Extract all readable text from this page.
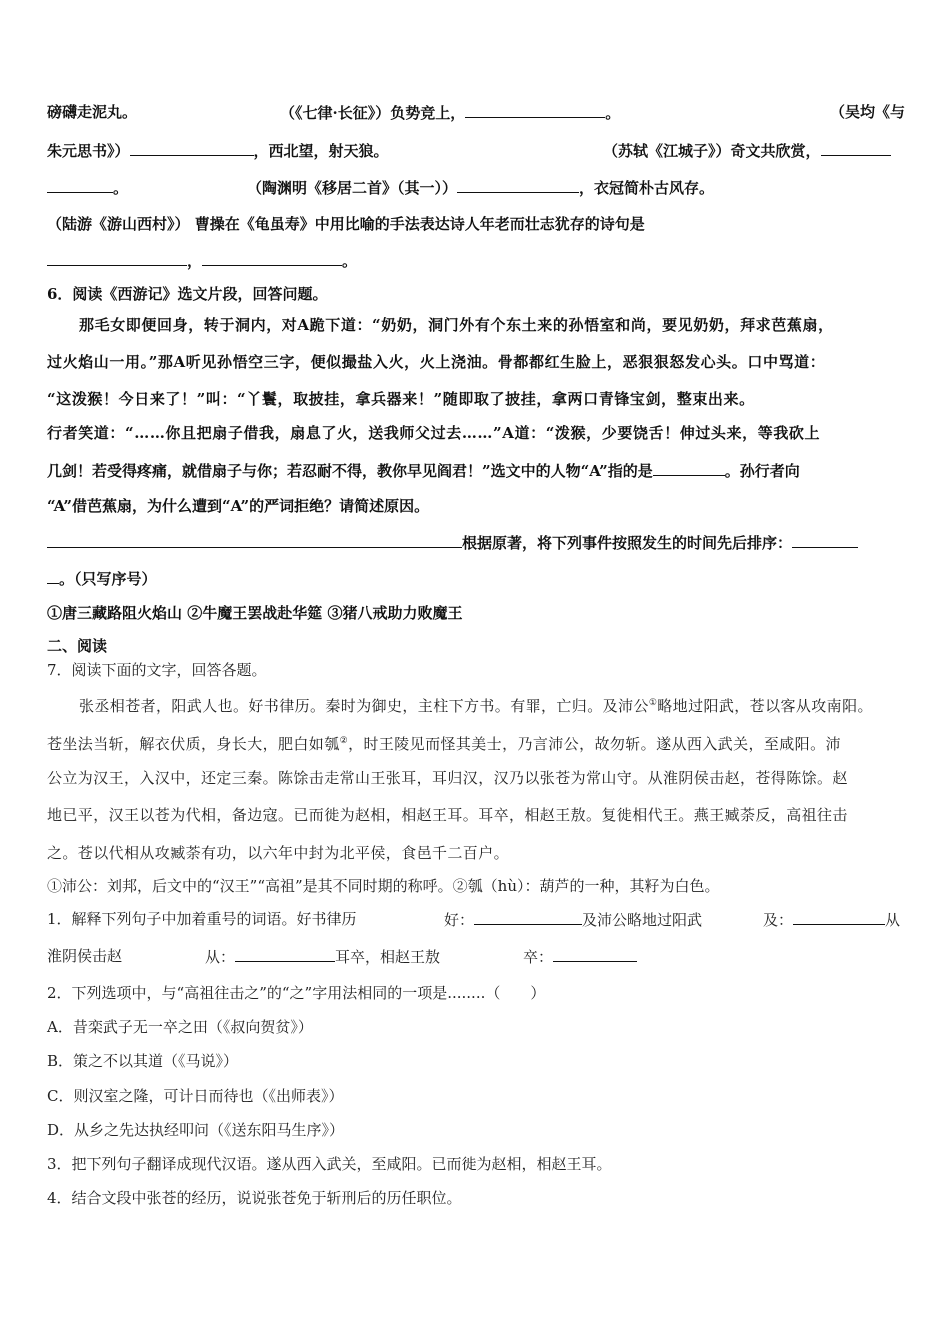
磅礴走泥丸。	（《七律·长征》）负势竞上，	。	（吴均《与
朱元思书》）	，西北望，射天狼。	（苏轼《江城子》）奇文共欣赏，
。	（陶渊明《移居二首》（其一））	，衣冠简朴古风存。
（陆游《游山西村》） 曹操在《龟虽寿》中用比喻的手法表达诗人年老而壮志犹存的诗句是
，	。
6．阅读《西游记》选文片段，回答问题。
那毛女即便回身，转于洞内，对A跪下道：“奶奶，洞门外有个东土来的孙悟室和尚，要见奶奶，拜求芭蕉扇，
过火焰山一用。”那A听见孙悟空三字，便似撮盐入火，火上浇油。骨都都红生脸上，恶狠狠怒发心头。口中骂道：
“这泼猴！今日来了！”叫：“丫鬟，取披挂，拿兵器来！”随即取了披挂，拿两口青锋宝剑，整束出来。
行者笑道：“……你且把扇子借我，扇息了火，送我师父过去……”A道：“泼猴，少要饶舌！伸过头来，等我砍上
几剑！若受得疼痛，就借扇子与你；若忍耐不得，教你早见阎君！”选文中的人物“A”指的是	。孙行者向
“A”借芭蕉扇，为什么遭到“A”的严词拒绝？请简述原因。
根据原著，将下列事件按照发生的时间先后排序：
。（只写序号）
①唐三藏路阻火焰山 ②牛魔王罢战赴华筵 ③猪八戒助力败魔王
二、阅读
7．阅读下面的文字，回答各题。
张丞相苍者，阳武人也。好书律历。秦时为御史，主柱下方书。有罪，亡归。及沛公①略地过阳武，苍以客从攻南阳。
苍坐法当斩，解衣伏质，身长大，肥白如瓠②，时王陵见而怪其美士，乃言沛公，故勿斩。遂从西入武关，至咸阳。沛
公立为汉王，入汉中，还定三秦。陈馀击走常山王张耳，耳归汉，汉乃以张苍为常山守。从淮阴侯击赵，苍得陈馀。赵
地已平，汉王以苍为代相，备边寇。已而徙为赵相，相赵王耳。耳卒，相赵王敖。复徙相代王。燕王臧荼反，高祖往击
之。苍以代相从攻臧荼有功，以六年中封为北平侯，食邑千二百户。
①沛公：刘邦，后文中的“汉王”“高祖”是其不同时期的称呼。②瓠（hù）：葫芦的一种，其籽为白色。
1．解释下列句子中加着重号的词语。好书律历	好：	及沛公略地过阳武	及：	从
淮阴侯击赵	从：	耳卒，相赵王敖	卒：
2．下列选项中，与“高祖往击之”的“之”字用法相同的一项是........（　　）
A．昔栾武子无一卒之田（《叔向贺贫》）
B．策之不以其道（《马说》）
C．则汉室之隆，可计日而待也（《出师表》）
D．从乡之先达执经叩问（《送东阳马生序》）
3．把下列句子翻译成现代汉语。遂从西入武关，至咸阳。已而徙为赵相，相赵王耳。
4．结合文段中张苍的经历，说说张苍免于斩刑后的历任职位。
